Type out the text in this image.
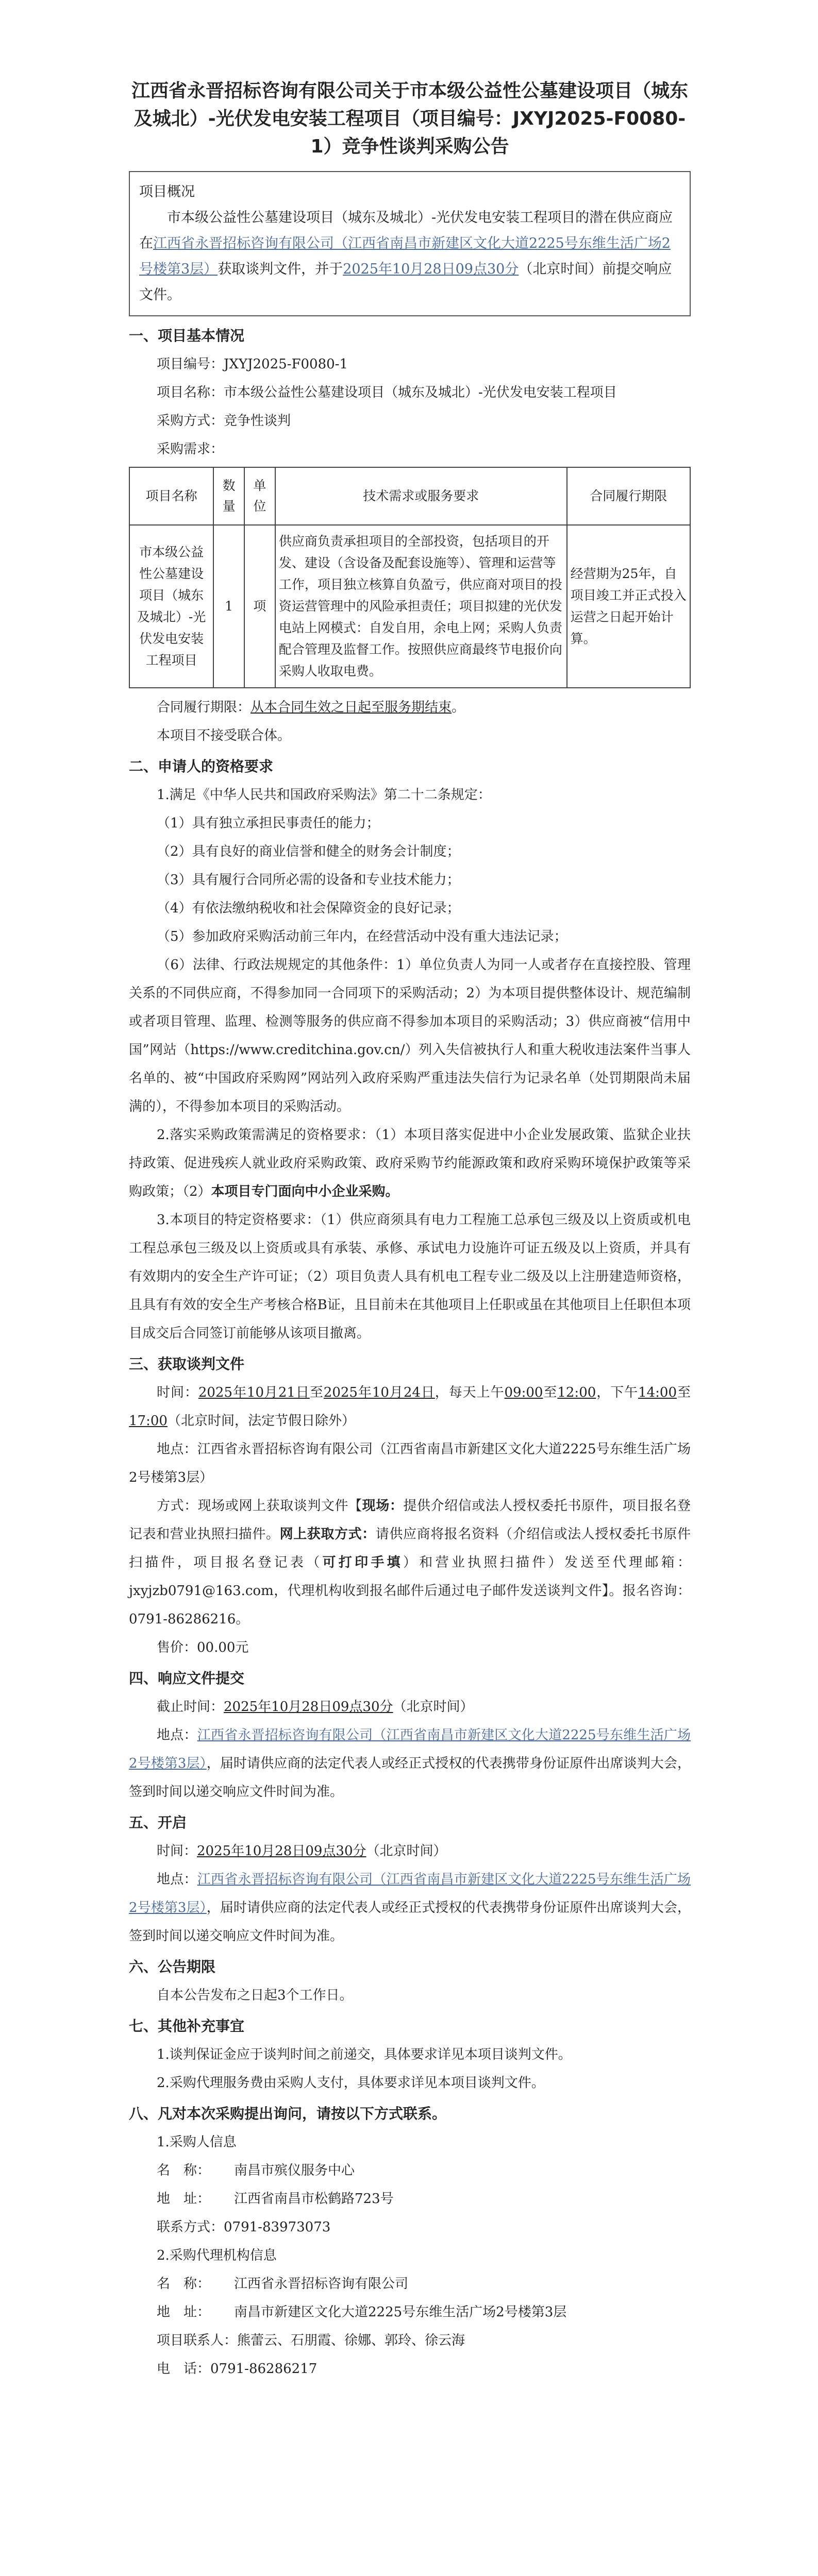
江西省永晋招标咨询有限公司关于市本级公益性公墓建设项目（城东及城北）-光伏发电安装工程项目（项目编号：JXYJ2025-F0080-1）竞争性谈判采购公告

项目概况

市本级公益性公墓建设项目（城东及城北）-光伏发电安装工程项目的潜在供应商应在江西省永晋招标咨询有限公司（江西省南昌市新建区文化大道2225号东维生活广场2号楼第3层）获取谈判文件，并于2025年10月28日09点30分（北京时间）前提交响应文件。

一、项目基本情况

项目编号：JXYJ2025-F0080-1

项目名称：市本级公益性公墓建设项目（城东及城北）-光伏发电安装工程项目

采购方式：竞争性谈判

采购需求：

项目名称	数量	单位	技术需求或服务要求	合同履行期限
市本级公益性公墓建设项目（城东及城北）-光伏发电安装工程项目	1	项	供应商负责承担项目的全部投资，包括项目的开发、建设（含设备及配套设施等）、管理和运营等工作，项目独立核算自负盈亏，供应商对项目的投资运营管理中的风险承担责任；项目拟建的光伏发电站上网模式：自发自用，余电上网；采购人负责配合管理及监督工作。按照供应商最终节电报价向采购人收取电费。	经营期为25年，自项目竣工并正式投入运营之日起开始计算。

合同履行期限：从本合同生效之日起至服务期结束。

本项目不接受联合体。

二、申请人的资格要求

1.满足《中华人民共和国政府采购法》第二十二条规定：

（1）具有独立承担民事责任的能力；

（2）具有良好的商业信誉和健全的财务会计制度；

（3）具有履行合同所必需的设备和专业技术能力；

（4）有依法缴纳税收和社会保障资金的良好记录；

（5）参加政府采购活动前三年内，在经营活动中没有重大违法记录；

（6）法律、行政法规规定的其他条件：1）单位负责人为同一人或者存在直接控股、管理关系的不同供应商，不得参加同一合同项下的采购活动；2）为本项目提供整体设计、规范编制或者项目管理、监理、检测等服务的供应商不得参加本项目的采购活动；3）供应商被“信用中国”网站（https://www.creditchina.gov.cn/）列入失信被执行人和重大税收违法案件当事人名单的、被“中国政府采购网”网站列入政府采购严重违法失信行为记录名单（处罚期限尚未届满的），不得参加本项目的采购活动。

2.落实采购政策需满足的资格要求：（1）本项目落实促进中小企业发展政策、监狱企业扶持政策、促进残疾人就业政府采购政策、政府采购节约能源政策和政府采购环境保护政策等采购政策；（2）本项目专门面向中小企业采购。

3.本项目的特定资格要求：（1）供应商须具有电力工程施工总承包三级及以上资质或机电工程总承包三级及以上资质或具有承装、承修、承试电力设施许可证五级及以上资质，并具有有效期内的安全生产许可证；（2）项目负责人具有机电工程专业二级及以上注册建造师资格，且具有有效的安全生产考核合格B证，且目前未在其他项目上任职或虽在其他项目上任职但本项目成交后合同签订前能够从该项目撤离。

三、获取谈判文件

时间：2025年10月21日至2025年10月24日，每天上午09:00至12:00，下午14:00至17:00（北京时间，法定节假日除外）

地点：江西省永晋招标咨询有限公司（江西省南昌市新建区文化大道2225号东维生活广场2号楼第3层）

方式：现场或网上获取谈判文件【现场：提供介绍信或法人授权委托书原件，项目报名登记表和营业执照扫描件。网上获取方式：请供应商将报名资料（介绍信或法人授权委托书原件扫描件，项目报名登记表（可打印手填）和营业执照扫描件）发送至代理邮箱：jxyjzb0791@163.com，代理机构收到报名邮件后通过电子邮件发送谈判文件】。报名咨询：0791-86286216。

售价：00.00元

四、响应文件提交

截止时间：2025年10月28日09点30分（北京时间）

地点：江西省永晋招标咨询有限公司（江西省南昌市新建区文化大道2225号东维生活广场2号楼第3层），届时请供应商的法定代表人或经正式授权的代表携带身份证原件出席谈判大会，签到时间以递交响应文件时间为准。

五、开启

时间：2025年10月28日09点30分（北京时间）

地点：江西省永晋招标咨询有限公司（江西省南昌市新建区文化大道2225号东维生活广场2号楼第3层），届时请供应商的法定代表人或经正式授权的代表携带身份证原件出席谈判大会，签到时间以递交响应文件时间为准。

六、公告期限

自本公告发布之日起3个工作日。

七、其他补充事宜

1.谈判保证金应于谈判时间之前递交，具体要求详见本项目谈判文件。

2.采购代理服务费由采购人支付，具体要求详见本项目谈判文件。

八、凡对本次采购提出询问，请按以下方式联系。

1.采购人信息

名　称： 南昌市殡仪服务中心

地　址： 江西省南昌市松鹤路723号

联系方式：0791-83973073

2.采购代理机构信息

名　称： 江西省永晋招标咨询有限公司

地　址： 南昌市新建区文化大道2225号东维生活广场2号楼第3层

项目联系人：熊蕾云、石朋霞、徐娜、郭玲、徐云海

电　话：0791-86286217
